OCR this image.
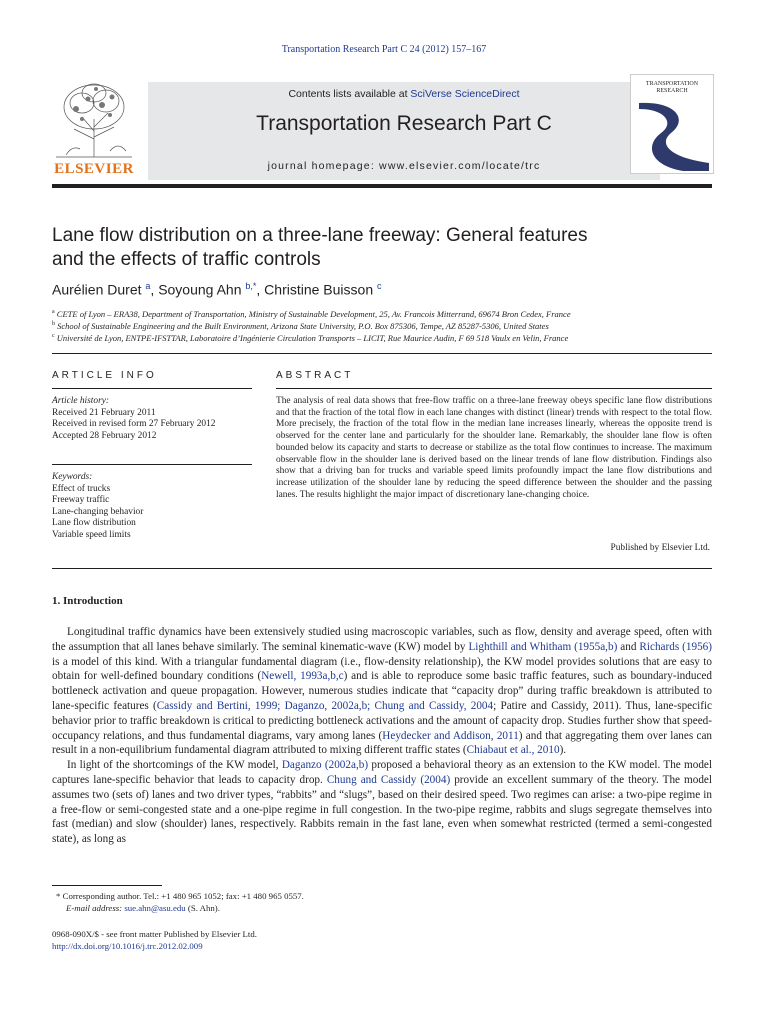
Transportation Research Part C 24 (2012) 157–167
ELSEVIER
Contents lists available at SciVerse ScienceDirect
Transportation Research Part C
journal homepage: www.elsevier.com/locate/trc
TRANSPORTATION
RESEARCH
Lane flow distribution on a three-lane freeway: General features
and the effects of traffic controls
Aurélien Duret $^a$, Soyoung Ahn $^{b,*}$, Christine Buisson $^c$
$^a$ CETE of Lyon – ERA38, Department of Transportation, Ministry of Sustainable Development, 25, Av. Francois Mitterrand, 69674 Bron Cedex, France
$^b$ School of Sustainable Engineering and the Built Environment, Arizona State University, P.O. Box 875306, Tempe, AZ 85287-5306, United States
$^c$ Université de Lyon, ENTPE-IFSTTAR, Laboratoire d’Ingénierie Circulation Transports – LICIT, Rue Maurice Audin, F 69 518 Vaulx en Velin, France
ARTICLE INFO
Article history:
Received 21 February 2011
Received in revised form 27 February 2012
Accepted 28 February 2012
Keywords:
Effect of trucks
Freeway traffic
Lane-changing behavior
Lane flow distribution
Variable speed limits
ABSTRACT
The analysis of real data shows that free-flow traffic on a three-lane freeway obeys specific lane flow distributions and that the fraction of the total flow in each lane changes with distinct (linear) trends with respect to the total flow. More precisely, the fraction of the total flow in the median lane increases linearly, whereas the opposite trend is observed for the center lane and particularly for the shoulder lane. Remarkably, the shoulder lane flow is often bounded below its capacity and starts to decrease or stabilize as the total flow continues to increase. The maximum observable flow in the shoulder lane is derived based on the linear trends of lane flow distribution. Findings also show that a driving ban for trucks and variable speed limits profoundly impact the lane flow distributions and increase utilization of the shoulder lane by reducing the speed difference between the shoulder and the passing lanes. The results highlight the major impact of discretionary lane-changing choice.
Published by Elsevier Ltd.
1. Introduction

Longitudinal traffic dynamics have been extensively studied using macroscopic variables, such as flow, density and average speed, often with the assumption that all lanes behave similarly. The seminal kinematic-wave (KW) model by Lighthill and Whitham (1955a,b) and Richards (1956) is a model of this kind. With a triangular fundamental diagram (i.e., flow-density relationship), the KW model provides solutions that are easy to obtain for well-defined boundary conditions (Newell, 1993a,b,c) and is able to reproduce some basic traffic features, such as boundary-induced bottleneck activation and queue propagation. However, numerous studies indicate that “capacity drop” during traffic breakdown is attributed to lane-specific features (Cassidy and Bertini, 1999; Daganzo, 2002a,b; Chung and Cassidy, 2004; Patire and Cassidy, 2011). Thus, lane-specific behavior prior to traffic breakdown is critical to predicting bottleneck activations and the amount of capacity drop. Studies further show that speed-occupancy relations, and thus fundamental diagrams, vary among lanes (Heydecker and Addison, 2011) and that aggregating them over lanes can result in a non-equilibrium fundamental diagram attributed to mixing different traffic states (Chiabaut et al., 2010).

In light of the shortcomings of the KW model, Daganzo (2002a,b) proposed a behavioral theory as an extension to the KW model. The model captures lane-specific behavior that leads to capacity drop. Chung and Cassidy (2004) provide an excellent summary of the theory. The model assumes two (sets of) lanes and two driver types, “rabbits” and “slugs”, based on their desired speed. Two regimes can arise: a two-pipe regime in a free-flow or semi-congested state and a one-pipe regime in full congestion. In the two-pipe regime, rabbits and slugs segregate themselves into fast (median) and slow (shoulder) lanes, respectively. Rabbits remain in the fast lane, even when somewhat restricted (termed a semi-congested state), as long as

* Corresponding author. Tel.: +1 480 965 1052; fax: +1 480 965 0557.
E-mail address: sue.ahn@asu.edu (S. Ahn).
0968-090X/$ - see front matter Published by Elsevier Ltd.
http://dx.doi.org/10.1016/j.trc.2012.02.009
